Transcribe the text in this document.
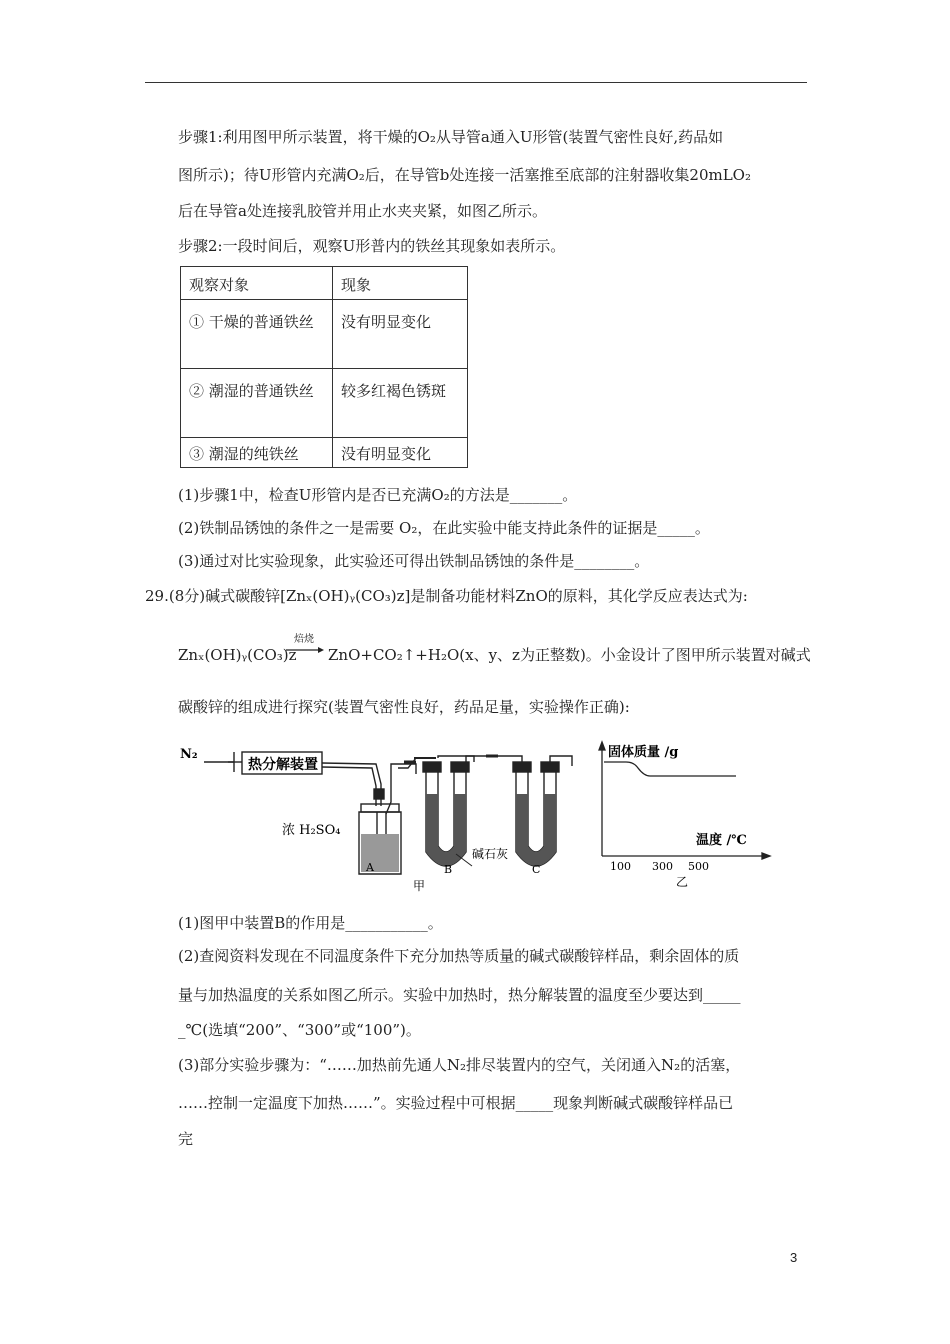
步骤1:利用图甲所示装置，将干燥的O₂从导管a通入U形管(装置气密性良好,药品如
图所示)；待U形管内充满O₂后，在导管b处连接一活塞推至底部的注射器收集20mLO₂
后在导管a处连接乳胶管并用止水夹夹紧，如图乙所示。
步骤2:一段时间后，观察U形普内的铁丝其现象如表所示。
观察对象	现象
① 干燥的普通铁丝	没有明显变化
② 潮湿的普通铁丝	较多红褐色锈斑
③ 潮湿的纯铁丝	没有明显变化
(1)步骤1中，检查U形管内是否已充满O₂的方法是_______。
(2)铁制品锈蚀的条件之一是需要 O₂，在此实验中能支持此条件的证据是_____。
(3)通过对比实验现象，此实验还可得出铁制品锈蚀的条件是________。
29.(8分)碱式碳酸锌[Znₓ(OH)ᵧ(CO₃)z]是制备功能材料ZnO的原料，其化学反应表达式为:
Znₓ(OH)ᵧ(CO₃)z
焙烧
→ ZnO+CO₂↑+H₂O(x、y、z为正整数)。小金设计了图甲所示装置对碱式
碳酸锌的组成进行探究(装置气密性良好，药品足量，实验操作正确):
N₂
热分解装置
浓 H₂SO₄
A	B	C
碱石灰
甲
固体质量 /g
温度 /℃
100 300 500
乙
(1)图甲中装置B的作用是___________。
(2)查阅资料发现在不同温度条件下充分加热等质量的碱式碳酸锌样品，剩余固体的质
量与加热温度的关系如图乙所示。实验中加热时，热分解装置的温度至少要达到_____
_℃(选填“200”、“300”或“100”)。
(3)部分实验步骤为：“……加热前先通人N₂排尽装置内的空气，关闭通入N₂的活塞，
……控制一定温度下加热……”。实验过程中可根据_____现象判断碱式碳酸锌样品已
完
3
